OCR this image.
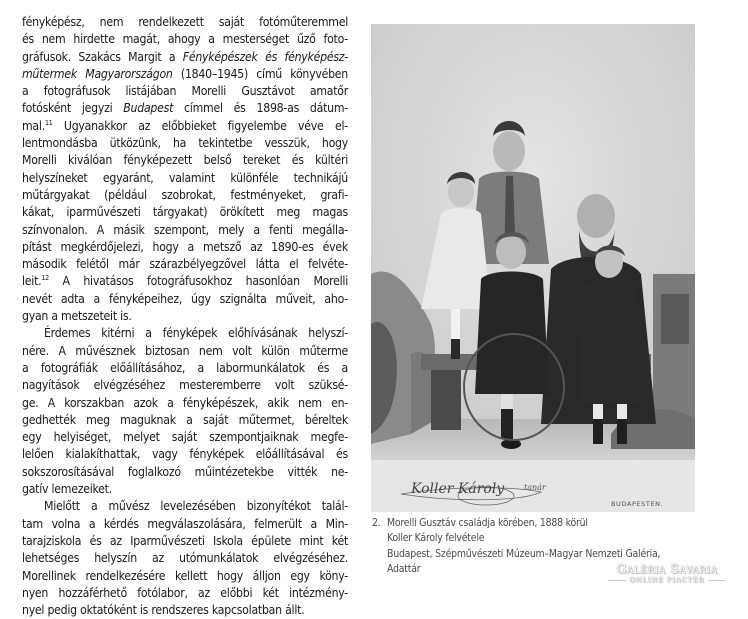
fényképész, nem rendelkezett saját fotóműteremmel
és nem hirdette magát, ahogy a mesterséget űző foto-
gráfusok. Szakács Margit a Fényképészek és fényképész-
műtermek Magyarországon (1840–1945) című könyvében
a fotográfusok listájában Morelli Gusztávot amatőr
fotósként jegyzi Budapest címmel és 1898-as dátum-
mal.$^{11}$ Ugyanakkor az előbbieket figyelembe véve el-
lentmondásba ütközünk, ha tekintetbe vesszük, hogy
Morelli kiválóan fényképezett belső tereket és kültéri
helyszíneket egyaránt, valamint különféle technikájú
műtárgyakat (például szobrokat, festményeket, grafi-
kákat, iparművészeti tárgyakat) örökített meg magas
színvonalon. A másik szempont, mely a fenti megálla-
pítást megkérdőjelezi, hogy a metsző az 1890-es évek
második felétől már szárazbélyegzővel látta el felvéte-
leit.$^{12}$ A hivatásos fotográfusokhoz hasonlóan Morelli
nevét adta a fényképeihez, úgy szignálta műveit, aho-
gyan a metszeteit is.
Érdemes kitérni a fényképek előhívásának helyszí-
nére. A művésznek biztosan nem volt külön műterme
a fotográfiák előállításához, a labormunkálatok és a
nagyítások elvégzéséhez mesteremberre volt szüksé-
ge. A korszakban azok a fényképészek, akik nem en-
gedhették meg maguknak a saját műtermet, béreltek
egy helyiséget, melyet saját szempontjaiknak megfe-
lelően kialakíthattak, vagy fényképek előállításával és
sokszorosításával foglalkozó műintézetekbe vitték ne-
gatív lemezeiket.
Mielőtt a művész levelezésében bizonyítékot talál-
tam volna a kérdés megválaszolására, felmerült a Min-
tarajziskola és az Iparművészeti Iskola épülete mint két
lehetséges helyszín az utómunkálatok elvégzéséhez.
Morellinek rendelkezésére kellett hogy álljon egy köny-
nyen hozzáférhető fotólabor, az előbbi két intézmény-
nyel pedig oktatóként is rendszeres kapcsolatban állt.
Koller Károly tanár
BUDAPESTEN.
2. Morelli Gusztáv családja körében, 1888 körül
Koller Károly felvétele
Budapest, Szépművészeti Múzeum–Magyar Nemzeti Galéria,
Adattár	Galéria Savaria
ONLINE PIACTÉR
